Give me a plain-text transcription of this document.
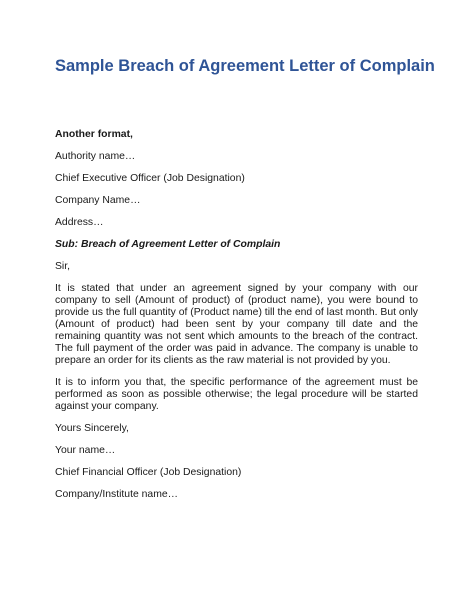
Sample Breach of Agreement Letter of Complain

Another format,

Authority name…

Chief Executive Officer (Job Designation)

Company Name…

Address…

Sub: Breach of Agreement Letter of Complain

Sir,

It is stated that under an agreement signed by your company with our company to sell (Amount of product) of (product name), you were bound to provide us the full quantity of (Product name) till the end of last month. But only (Amount of product) had been sent by your company till date and the remaining quantity was not sent which amounts to the breach of the contract. The full payment of the order was paid in advance. The company is unable to prepare an order for its clients as the raw material is not provided by you.

It is to inform you that, the specific performance of the agreement must be performed as soon as possible otherwise; the legal procedure will be started against your company.

Yours Sincerely,

Your name…

Chief Financial Officer (Job Designation)

Company/Institute name…
